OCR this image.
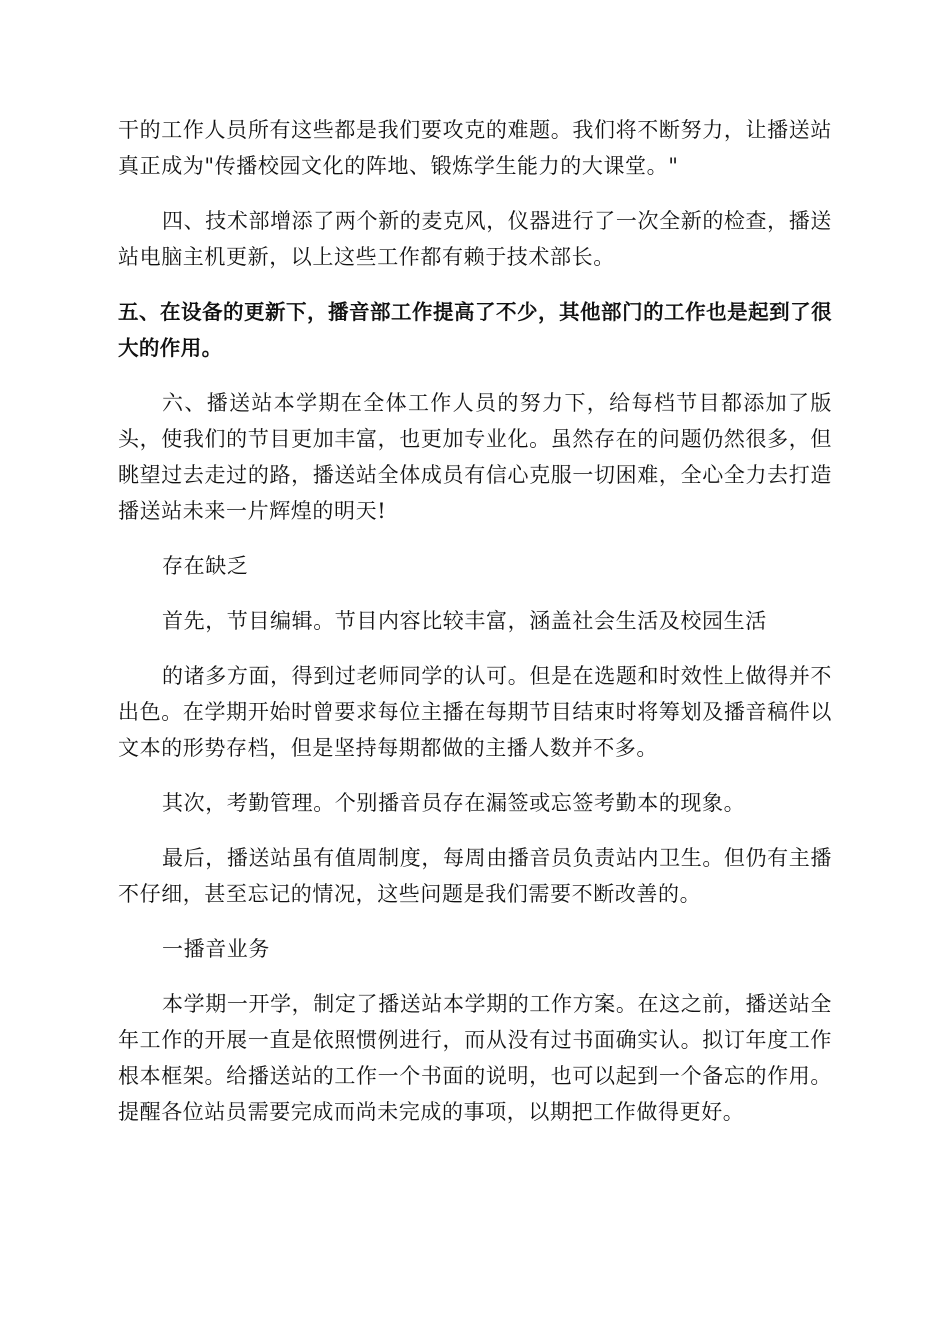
干的工作人员所有这些都是我们要攻克的难题。我们将不断努力，让播送站真正成为"传播校园文化的阵地、锻炼学生能力的大课堂。"

四、技术部增添了两个新的麦克风，仪器进行了一次全新的检查，播送站电脑主机更新，以上这些工作都有赖于技术部长。

五、在设备的更新下，播音部工作提高了不少，其他部门的工作也是起到了很大的作用。

六、播送站本学期在全体工作人员的努力下，给每档节目都添加了版头，使我们的节目更加丰富，也更加专业化。虽然存在的问题仍然很多，但眺望过去走过的路，播送站全体成员有信心克服一切困难，全心全力去打造播送站未来一片辉煌的明天!

存在缺乏

首先，节目编辑。节目内容比较丰富，涵盖社会生活及校园生活

的诸多方面，得到过老师同学的认可。但是在选题和时效性上做得并不出色。在学期开始时曾要求每位主播在每期节目结束时将筹划及播音稿件以文本的形势存档，但是坚持每期都做的主播人数并不多。

其次，考勤管理。个别播音员存在漏签或忘签考勤本的现象。

最后，播送站虽有值周制度，每周由播音员负责站内卫生。但仍有主播不仔细，甚至忘记的情况，这些问题是我们需要不断改善的。

一播音业务

本学期一开学，制定了播送站本学期的工作方案。在这之前，播送站全年工作的开展一直是依照惯例进行，而从没有过书面确实认。拟订年度工作根本框架。给播送站的工作一个书面的说明，也可以起到一个备忘的作用。提醒各位站员需要完成而尚未完成的事项，以期把工作做得更好。
